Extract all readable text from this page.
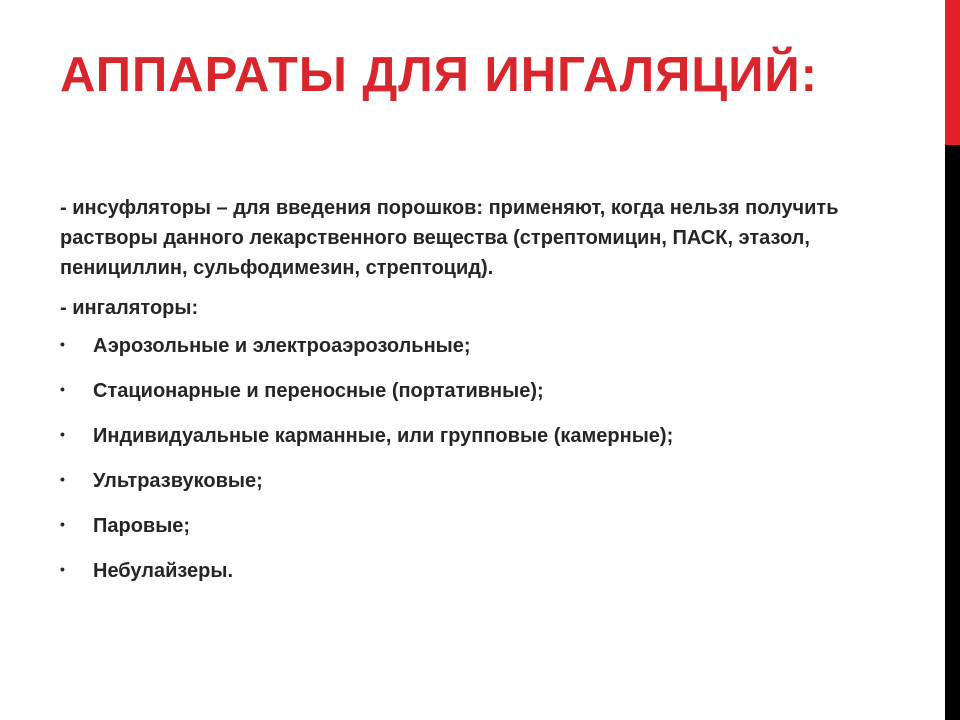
АППАРАТЫ ДЛЯ ИНГАЛЯЦИЙ:

- инсуфляторы – для введения порошков: применяют, когда нельзя получить растворы данного лекарственного вещества (стрептомицин, ПАСК, этазол, пенициллин, сульфодимезин, стрептоцид).

- ингаляторы:

• Аэрозольные и электроаэрозольные;
• Стационарные и переносные (портативные);
• Индивидуальные карманные, или групповые (камерные);
• Ультразвуковые;
• Паровые;
• Небулайзеры.
